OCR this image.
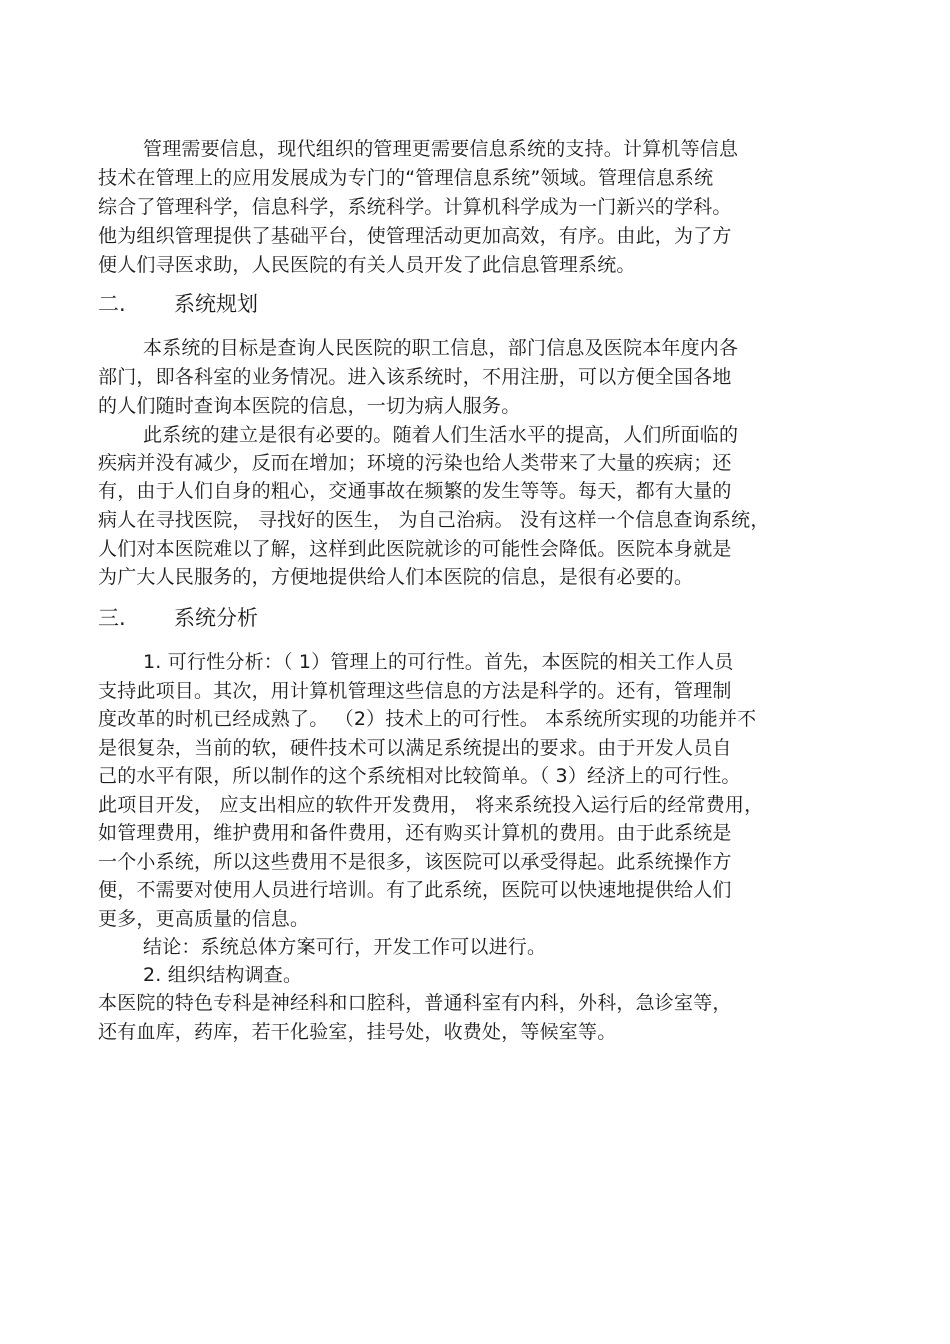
管理需要信息，现代组织的管理更需要信息系统的支持。计算机等信息
技术在管理上的应用发展成为专门的“管理信息系统”领域。管理信息系统
综合了管理科学，信息科学，系统科学。计算机科学成为一门新兴的学科。
他为组织管理提供了基础平台，使管理活动更加高效，有序。由此，为了方
便人们寻医求助，人民医院的有关人员开发了此信息管理系统。
二. 系统规划
本系统的目标是查询人民医院的职工信息，部门信息及医院本年度内各
部门，即各科室的业务情况。进入该系统时，不用注册，可以方便全国各地
的人们随时查询本医院的信息，一切为病人服务。
此系统的建立是很有必要的。随着人们生活水平的提高，人们所面临的
疾病并没有减少，反而在增加；环境的污染也给人类带来了大量的疾病；还
有，由于人们自身的粗心，交通事故在频繁的发生等等。每天，都有大量的
病人在寻找医院， 寻找好的医生， 为自己治病。 没有这样一个信息查询系统，
人们对本医院难以了解，这样到此医院就诊的可能性会降低。医院本身就是
为广大人民服务的，方便地提供给人们本医院的信息，是很有必要的。
三. 系统分析
1. 可行性分析：（ 1）管理上的可行性。首先，本医院的相关工作人员
支持此项目。其次，用计算机管理这些信息的方法是科学的。还有，管理制
度改革的时机已经成熟了。 （2）技术上的可行性。 本系统所实现的功能并不
是很复杂，当前的软，硬件技术可以满足系统提出的要求。由于开发人员自
己的水平有限，所以制作的这个系统相对比较简单。（ 3）经济上的可行性。
此项目开发， 应支出相应的软件开发费用， 将来系统投入运行后的经常费用，
如管理费用，维护费用和备件费用，还有购买计算机的费用。由于此系统是
一个小系统，所以这些费用不是很多，该医院可以承受得起。此系统操作方
便，不需要对使用人员进行培训。有了此系统，医院可以快速地提供给人们
更多，更高质量的信息。
结论：系统总体方案可行，开发工作可以进行。
2. 组织结构调查。
本医院的特色专科是神经科和口腔科，普通科室有内科，外科，急诊室等，
还有血库，药库，若干化验室，挂号处，收费处，等候室等。
